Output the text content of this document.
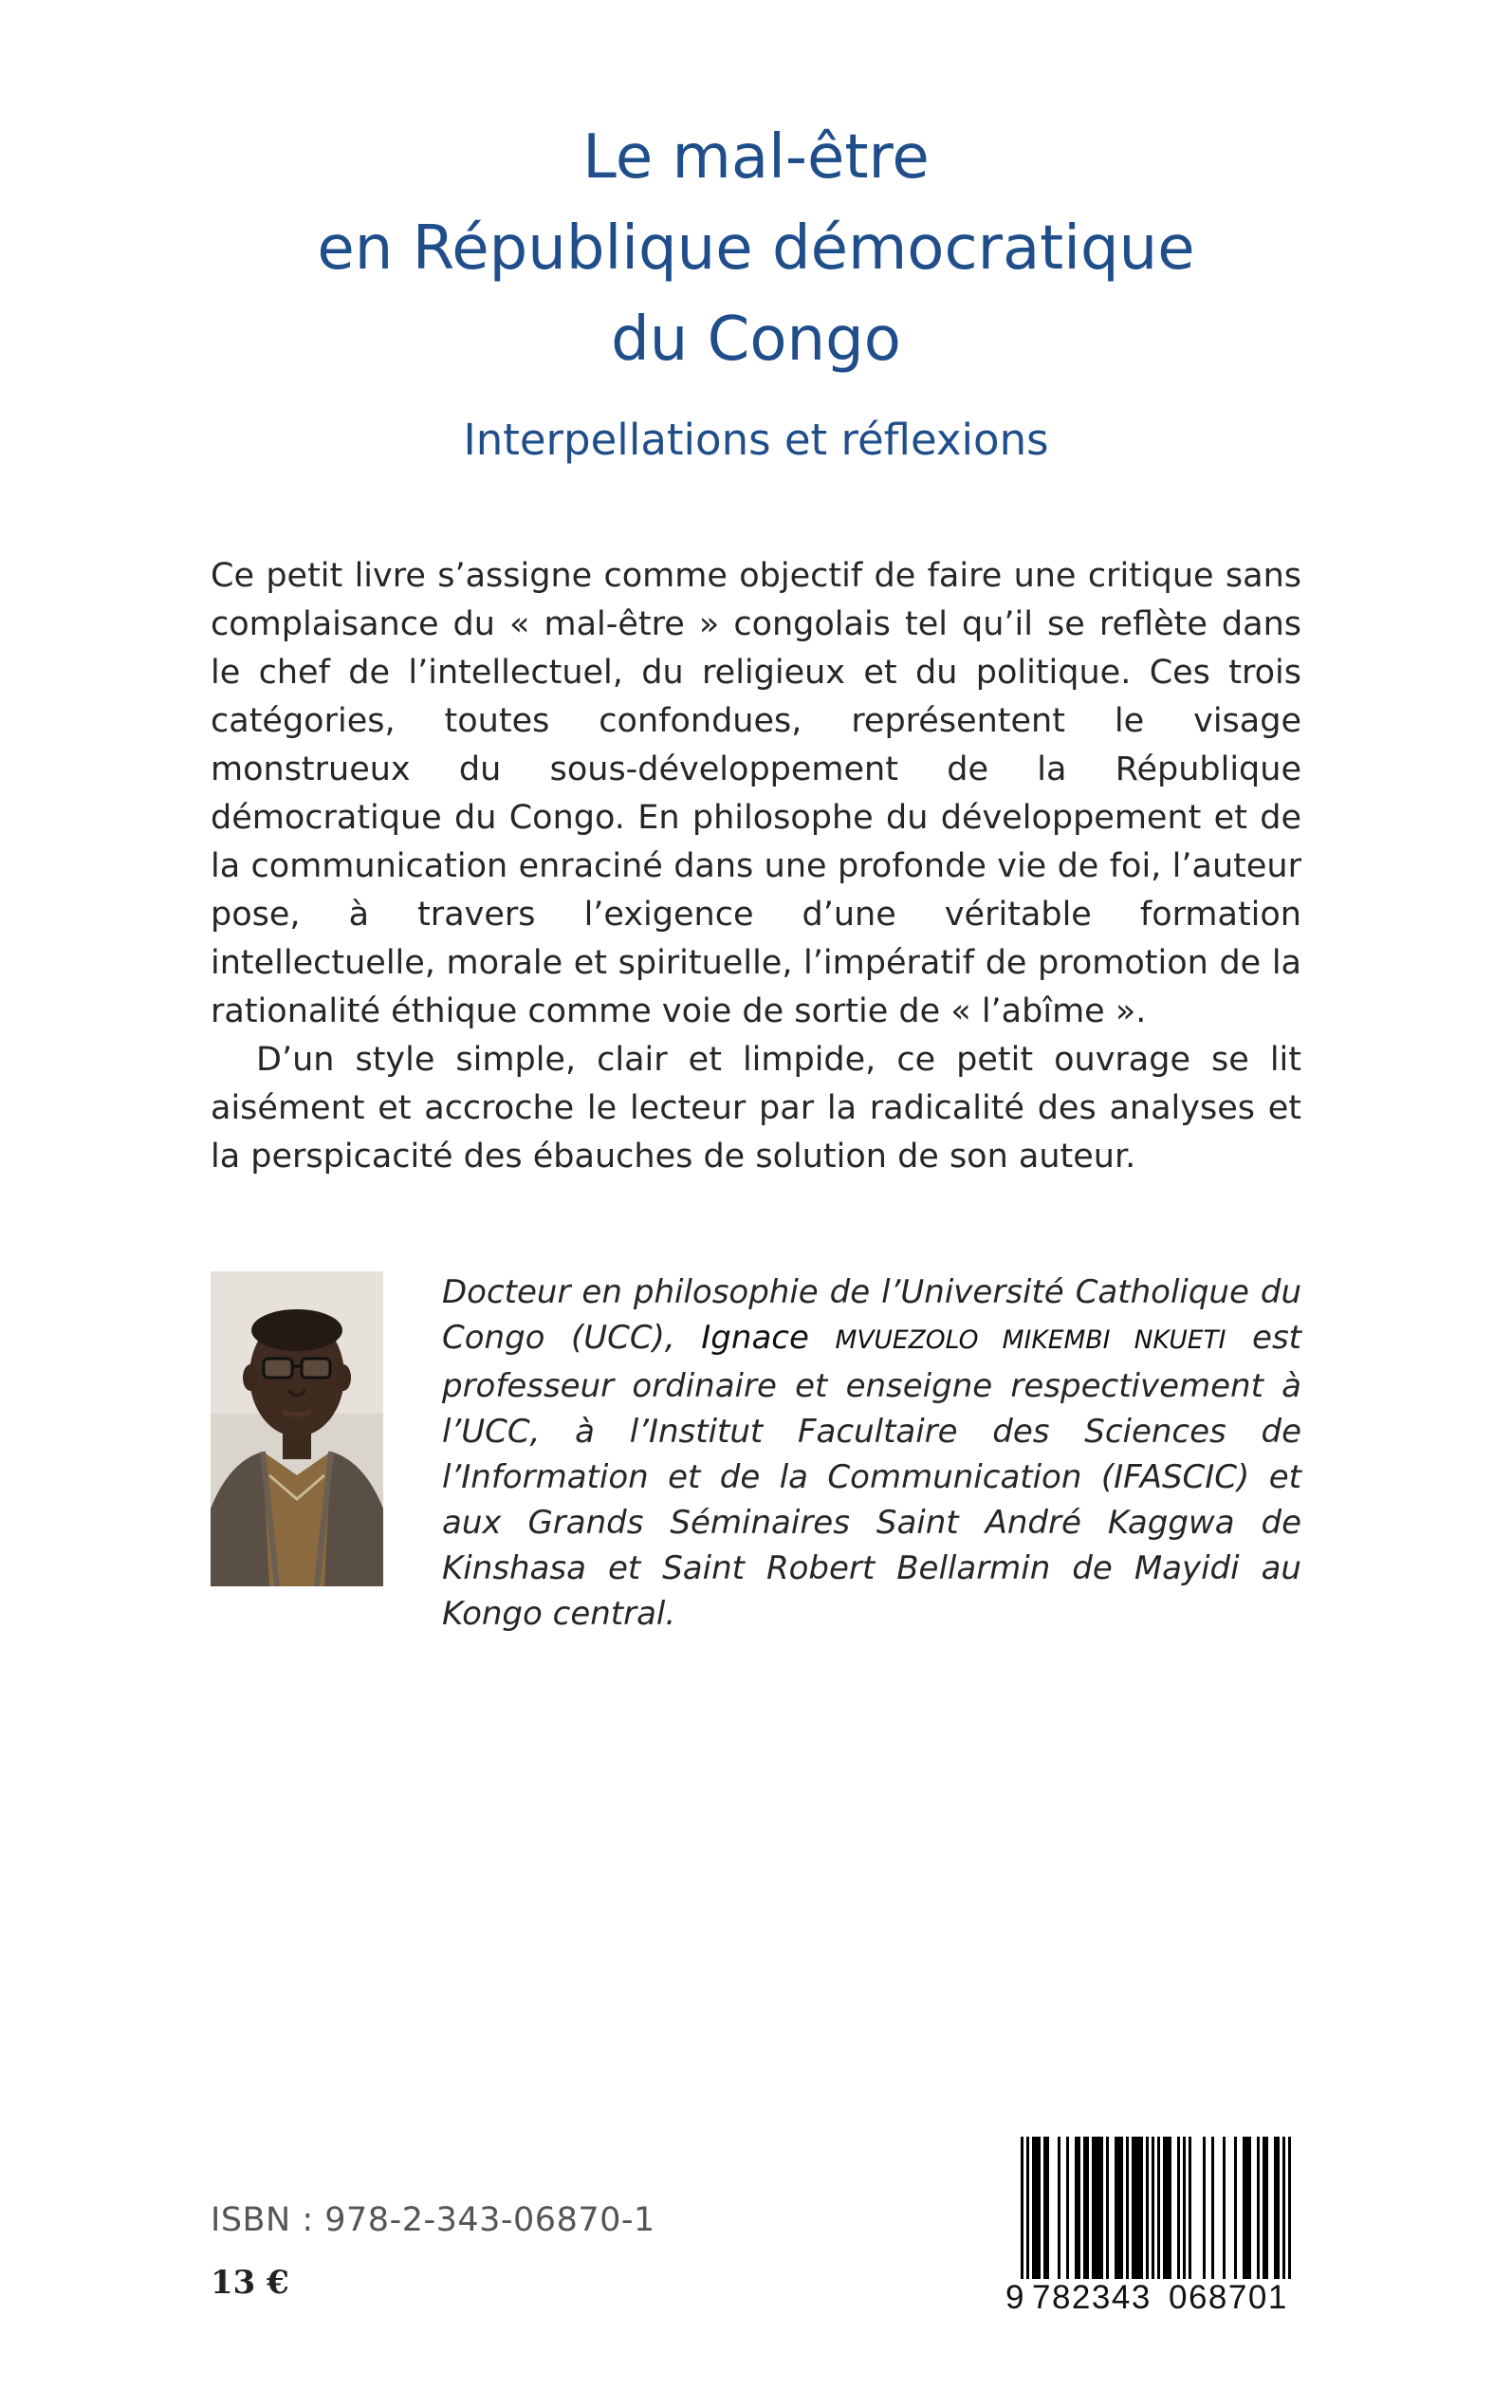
Le mal-être
en République démocratique
du Congo
Interpellations et réflexions

Ce petit livre s’assigne comme objectif de faire une critique sans complaisance du « mal-être » congolais tel qu’il se reflète dans le chef de l’intellectuel, du religieux et du politique. Ces trois catégories, toutes confondues, représentent le visage monstrueux du sous-développement de la République démocratique du Congo. En philosophe du développement et de la communication enraciné dans une profonde vie de foi, l’auteur pose, à travers l’exigence d’une véritable formation intellectuelle, morale et spirituelle, l’impératif de promotion de la rationalité éthique comme voie de sortie de « l’abîme ».

D’un style simple, clair et limpide, ce petit ouvrage se lit aisément et accroche le lecteur par la radicalité des analyses et la perspicacité des ébauches de solution de son auteur.

Docteur en philosophie de l’Université Catholique du Congo (UCC), Ignace MVUEZOLO MIKEMBI NKUETI est professeur ordinaire et enseigne respectivement à l’UCC, à l’Institut Facultaire des Sciences de l’Information et de la Communication (IFASCIC) et aux Grands Séminaires Saint André Kaggwa de Kinshasa et Saint Robert Bellarmin de Mayidi au Kongo central.
ISBN : 978-2-343-06870-1
13 €	9 782343 068701
